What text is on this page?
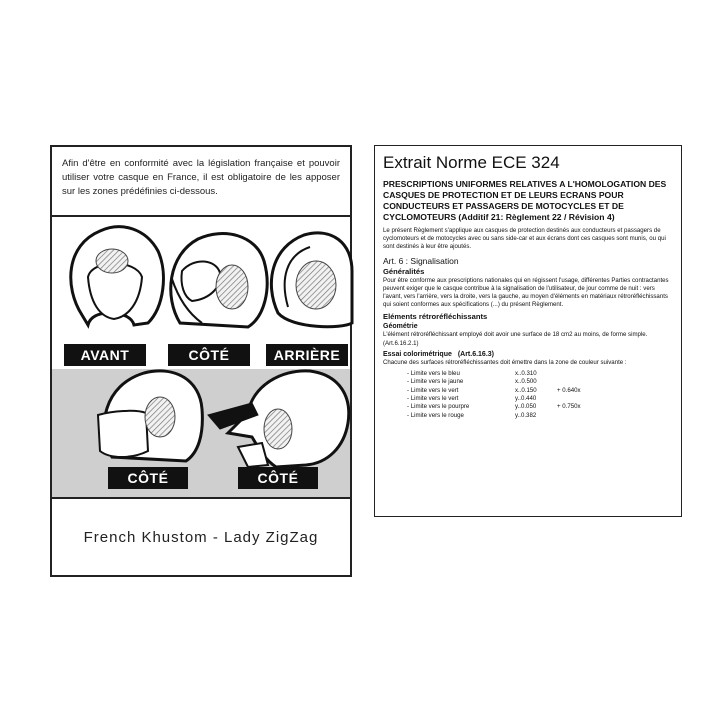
Afin d'être en conformité avec la législation française et pouvoir utiliser votre casque en France, il est obligatoire de les apposer sur les zones prédéfinies ci-dessous.
AVANT	CÔTÉ	ARRIÈRE
CÔTÉ	CÔTÉ
French Khustom - Lady ZigZag
Extrait Norme ECE 324
PRESCRIPTIONS UNIFORMES RELATIVES A L'HOMOLOGATION DES CASQUES DE PROTECTION ET DE LEURS ECRANS POUR CONDUCTEURS ET PASSAGERS DE MOTOCYCLES ET DE CYCLOMOTEURS (Additif 21: Règlement 22 / Révision 4)

Le présent Règlement s'applique aux casques de protection destinés aux conducteurs et passagers de cyclomoteurs et de motocycles avec ou sans side-car et aux écrans dont ces casques sont munis, ou qui sont destinés à leur être ajoutés.

Art. 6 : Signalisation
Généralités

Pour être conforme aux prescriptions nationales qui en régissent l'usage, différentes Parties contractantes peuvent exiger que le casque contribue à la signalisation de l'utilisateur, de jour comme de nuit : vers l'avant, vers l'arrière, vers la droite, vers la gauche, au moyen d'éléments en matériaux rétroréfléchissants qui soient conformes aux spécifications (...) du présent Règlement.

Eléments rétroréfléchissants
Géométrie

L'élément rétroréfléchissant employé doit avoir une surface de 18 cm2 au moins, de forme simple. (Art.6.16.2.1)

Essai colorimétrique (Art.6.16.3)

Chacune des surfaces rétroréfléchissantes doit émettre dans la zone de couleur suivante :

- Limite vers le bleu	x..0.310	
- Limite vers le jaune	x..0.500	
- Limite vers le vert	x..0.150	+ 0.640x
- Limite vers le vert	y..0.440	
- Limite vers le pourpre	y..0.050	+ 0.750x
- Limite vers le rouge	y..0.382	
